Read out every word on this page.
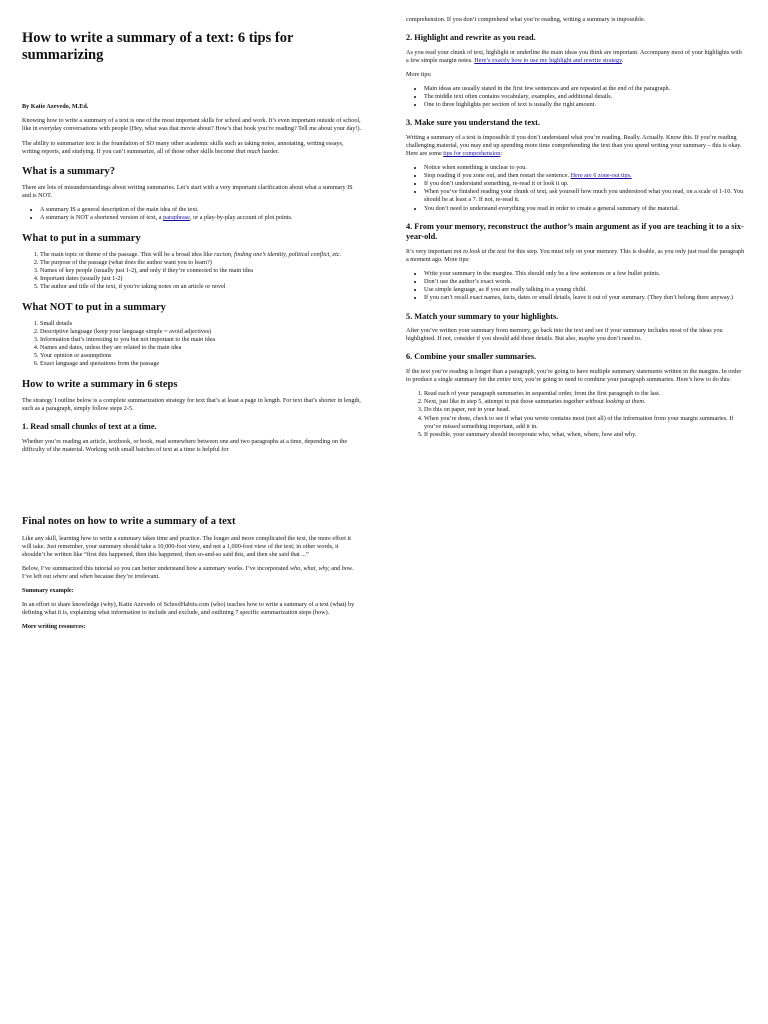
How to write a summary of a text: 6 tips for summarizing

By Katie Azevedo, M.Ed.

Knowing how to write a summary of a text is one of the most important skills for school and work. It’s even important outside of school, like in everyday conversations with people (Hey, what was that movie about? How’s that book you’re reading? Tell me about your day!).

The ability to summarize text is the foundation of SO many other academic skills such as taking notes, annotating, writing essays, writing reports, and studying. If you can’t summarize, all of those other skills become that much harder.

What is a summary?

There are lots of misunderstandings about writing summaries. Let’s start with a very important clarification about what a summary IS and is NOT.

• A summary IS a general description of the main idea of the text.
• A summary is NOT a shortened version of text, a paraphrase, or a play-by-play account of plot points.
What to put in a summary
1. The main topic or theme of the passage. This will be a broad idea like racism, finding one’s identity, political conflict, etc.
2. The purpose of the passage (what does the author want you to learn?)
3. Names of key people (usually just 1-2), and only if they’re connected to the main idea
4. Important dates (usually just 1-2)
5. The author and title of the text, if you’re taking notes on an article or novel
What NOT to put in a summary
1. Small details
2. Descriptive language (keep your language simple = avoid adjectives)
3. Information that’s interesting to you but not important to the main idea
4. Names and dates, unless they are related to the main idea
5. Your opinion or assumptions
6. Exact language and quotations from the passage
How to write a summary in 6 steps

The strategy I outline below is a complete summarization strategy for text that’s at least a page in length. For text that’s shorter in length, such as a paragraph, simply follow steps 2-5.

1. Read small chunks of text at a time.

Whether you’re reading an article, textbook, or book, read somewhere between one and two paragraphs at a time, depending on the difficulty of the material. Working with small batches of text at a time is helpful for

Final notes on how to write a summary of a text

Like any skill, learning how to write a summary takes time and practice. The longer and more complicated the text, the more effort it will take. Just remember, your summary should take a 10,000-foot view, and not a 1,000-foot view of the text; in other words, it shouldn’t be written like “first this happened, then this happened, then so-and-so said this, and then she said that ...”

Below, I’ve summarized this tutorial so you can better understand how a summary works. I’ve incorporated who, what, why, and how. I’ve left out where and when because they’re irrelevant.

Summary example:

In an effort to share knowledge (why), Katie Azevedo of SchoolHabits.com (who) teaches how to write a summary of a text (what) by defining what it is, explaining what information to include and exclude, and outlining 7 specific summarization steps (how).

More writing resources:

comprehension. If you don’t comprehend what you’re reading, writing a summary is impossible.

2. Highlight and rewrite as you read.

As you read your chunk of text, highlight or underline the main ideas you think are important. Accompany most of your highlights with a few simple margin notes. Here’s exactly how to use my highlight and rewrite strategy.

More tips:

• Main ideas are usually stated in the first few sentences and are repeated at the end of the paragraph.
• The middle text often contains vocabulary, examples, and additional details.
• One to three highlights per section of text is usually the right amount.
3. Make sure you understand the text.

Writing a summary of a text is impossible if you don’t understand what you’re reading. Really. Actually. Know this. If you’re reading challenging material, you may end up spending more time comprehending the text than you spend writing your summary – this is okay. Here are some tips for comprehension:

• Notice when something is unclear to you.
• Stop reading if you zone out, and then restart the sentence. Here are 6 zone-out tips.
• If you don’t understand something, re-read it or look it up.
• When you’ve finished reading your chunk of text, ask yourself how much you understood what you read, on a scale of 1-10. You should be at least a 7. If not, re-read it.
• You don’t need to understand everything you read in order to create a general summary of the material.
4. From your memory, reconstruct the author’s main argument as if you are teaching it to a six-year-old.

It’s very important not to look at the text for this step. You must rely on your memory. This is doable, as you only just read the paragraph a moment ago. More tips:

• Write your summary in the margins. This should only be a few sentences or a few bullet points.
• Don’t use the author’s exact words.
• Use simple language, as if you are really talking to a young child.
• If you can’t recall exact names, facts, dates or small details, leave it out of your summary. (They don’t belong there anyway.)
5. Match your summary to your highlights.

After you’ve written your summary from memory, go back into the text and see if your summary includes most of the ideas you highlighted. If not, consider if you should add those details. But also, maybe you don’t need to.

6. Combine your smaller summaries.

If the text you’re reading is longer than a paragraph, you’re going to have multiple summary statements written in the margins. In order to produce a single summary for the entire text, you’re going to need to combine your paragraph summaries. Here’s how to do this:

1. Read each of your paragraph summaries in sequential order, from the first paragraph to the last.
2. Next, just like in step 5, attempt to put those summaries together without looking at them.
3. Do this on paper, not in your head.
4. When you’re done, check to see if what you wrote contains most (not all) of the information from your margin summaries. If you’ve missed something important, add it in.
5. If possible, your summary should incorporate who, what, when, where, how and why.
